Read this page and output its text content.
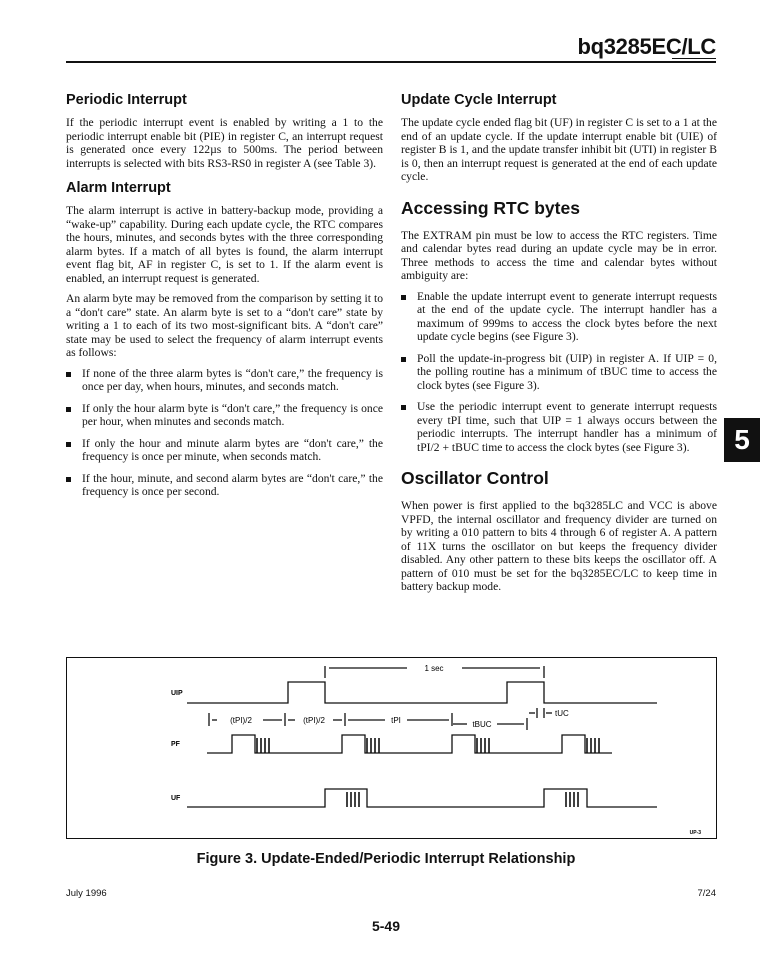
bq3285EC/LC
Periodic Interrupt

If the periodic interrupt event is enabled by writing a 1 to the periodic interrupt enable bit (PIE) in register C, an interrupt request is generated once every 122µs to 500ms. The period between interrupts is selected with bits RS3-RS0 in register A (see Table 3).

Alarm Interrupt

The alarm interrupt is active in battery-backup mode, providing a “wake-up” capability. During each update cycle, the RTC compares the hours, minutes, and seconds bytes with the three corresponding alarm bytes. If a match of all bytes is found, the alarm interrupt event flag bit, AF in register C, is set to 1. If the alarm event is enabled, an interrupt request is generated.

An alarm byte may be removed from the comparison by setting it to a “don't care” state. An alarm byte is set to a “don't care” state by writing a 1 to each of its two most-significant bits. A “don't care” state may be used to select the frequency of alarm interrupt events as follows:

If none of the three alarm bytes is “don't care,” the frequency is once per day, when hours, minutes, and seconds match.
If only the hour alarm byte is “don't care,” the frequency is once per hour, when minutes and seconds match.
If only the hour and minute alarm bytes are “don't care,” the frequency is once per minute, when seconds match.
If the hour, minute, and second alarm bytes are “don't care,” the frequency is once per second.
Update Cycle Interrupt

The update cycle ended flag bit (UF) in register C is set to a 1 at the end of an update cycle. If the update interrupt enable bit (UIE) of register B is 1, and the update transfer inhibit bit (UTI) in register B is 0, then an interrupt request is generated at the end of each update cycle.

Accessing RTC bytes

The EXTRAM pin must be low to access the RTC registers. Time and calendar bytes read during an update cycle may be in error. Three methods to access the time and calendar bytes without ambiguity are:

Enable the update interrupt event to generate interrupt requests at the end of the update cycle. The interrupt handler has a maximum of 999ms to access the clock bytes before the next update cycle begins (see Figure 3).
Poll the update-in-progress bit (UIP) in register A. If UIP = 0, the polling routine has a minimum of tBUC time to access the clock bytes (see Figure 3).
Use the periodic interrupt event to generate interrupt requests every tPI time, such that UIP = 1 always occurs between the periodic interrupts. The interrupt handler has a minimum of tPI/2 + tBUC time to access the clock bytes (see Figure 3).
Oscillator Control

When power is first applied to the bq3285LC and VCC is above VPFD, the internal oscillator and frequency divider are turned on by writing a 010 pattern to bits 4 through 6 of register A. A pattern of 11X turns the oscillator on but keeps the frequency divider disabled. Any other pattern to these bits keeps the oscillator off. A pattern of 010 must be set for the bq3285EC/LC to keep time in battery backup mode.

5
1 sec
(tPI)/2	(tPI)/2	tPI	tBUC
tUC
UIP
PF
UF
UP-3
Figure 3. Update-Ended/Periodic Interrupt Relationship
July 1996	7/24
5-49
